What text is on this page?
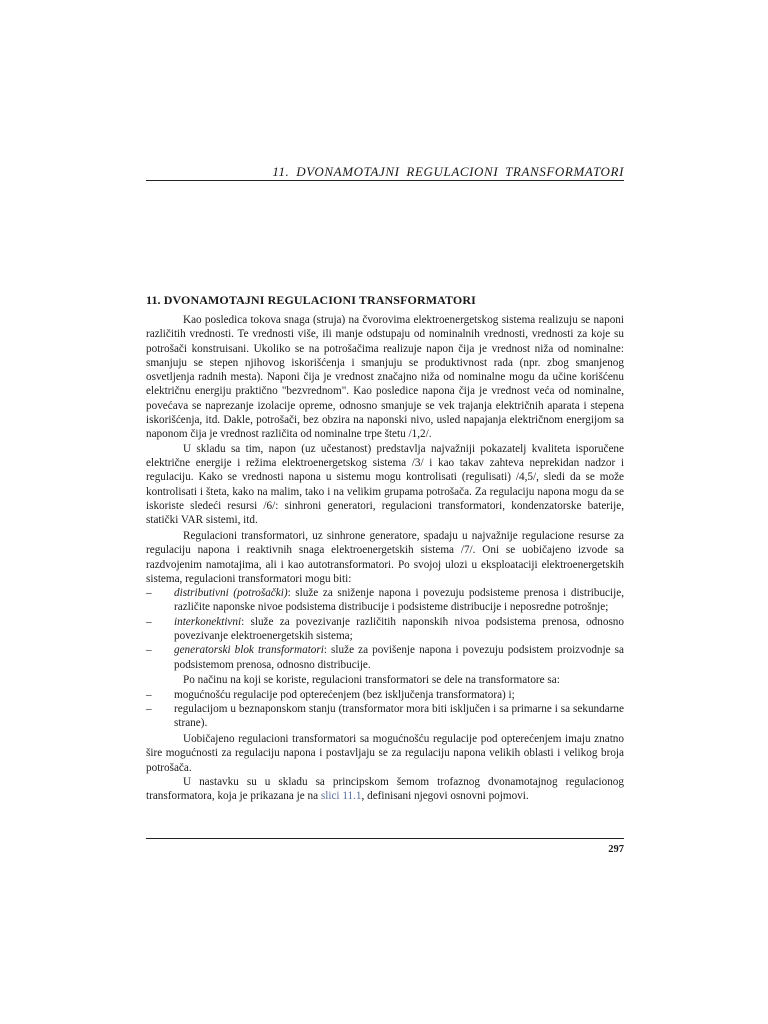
11. DVONAMOTAJNI REGULACIONI TRANSFORMATORI
11. DVONAMOTAJNI REGULACIONI TRANSFORMATORI

Kao posledica tokova snaga (struja) na čvorovima elektroenergetskog sistema realizuju se naponi različitih vrednosti. Te vrednosti više, ili manje odstupaju od nominalnih vrednosti, vrednosti za koje su potrošači konstruisani. Ukoliko se na potrošačima realizuje napon čija je vrednost niža od nominalne: smanjuju se stepen njihovog iskorišćenja i smanjuju se produktivnost rada (npr. zbog smanjenog osvetljenja radnih mesta). Naponi čija je vrednost značajno niža od nominalne mogu da učine korišćenu električnu energiju praktično "bezvrednom". Kao posledice napona čija je vrednost veća od nominalne, povećava se naprezanje izolacije opreme, odnosno smanjuje se vek trajanja električnih aparata i stepena iskorišćenja, itd. Dakle, potrošači, bez obzira na naponski nivo, usled napajanja električnom energijom sa naponom čija je vrednost različita od nominalne trpe štetu /1,2/.

U skladu sa tim, napon (uz učestanost) predstavlja najvažniji pokazatelj kvaliteta isporučene električne energije i režima elektroenergetskog sistema /3/ i kao takav zahteva neprekidan nadzor i regulaciju. Kako se vrednosti napona u sistemu mogu kontrolisati (regulisati) /4,5/, sledi da se može kontrolisati i šteta, kako na malim, tako i na velikim grupama potrošača. Za regulaciju napona mogu da se iskoriste sledeći resursi /6/: sinhroni generatori, regulacioni transformatori, kondenzatorske baterije, statički VAR sistemi, itd.

Regulacioni transformatori, uz sinhrone generatore, spadaju u najvažnije regulacione resurse za regulaciju napona i reaktivnih snaga elektroenergetskih sistema /7/. Oni se uobičajeno izvode sa razdvojenim namotajima, ali i kao autotransformatori. Po svojoj ulozi u eksploataciji elektroenergetskih sistema, regulacioni transformatori mogu biti:

– distributivni (potrošački): služe za sniženje napona i povezuju podsisteme prenosa i distribucije, različite naponske nivoe podsistema distribucije i podsisteme distribucije i neposredne potrošnje;
– interkonektivni: služe za povezivanje različitih naponskih nivoa podsistema prenosa, odnosno povezivanje elektroenergetskih sistema;
– generatorski blok transformatori: služe za povišenje napona i povezuju podsistem proizvodnje sa podsistemom prenosa, odnosno distribucije.

Po načinu na koji se koriste, regulacioni transformatori se dele na transformatore sa:

– mogućnošću regulacije pod opterećenjem (bez isključenja transformatora) i;
– regulacijom u beznaponskom stanju (transformator mora biti isključen i sa primarne i sa sekundarne strane).

Uobičajeno regulacioni transformatori sa mogućnošću regulacije pod opterećenjem imaju znatno šire mogućnosti za regulaciju napona i postavljaju se za regulaciju napona velikih oblasti i velikog broja potrošača.

U nastavku su u skladu sa principskom šemom trofaznog dvonamotajnog regulacionog transformatora, koja je prikazana je na slici 11.1, definisani njegovi osnovni pojmovi.

297
